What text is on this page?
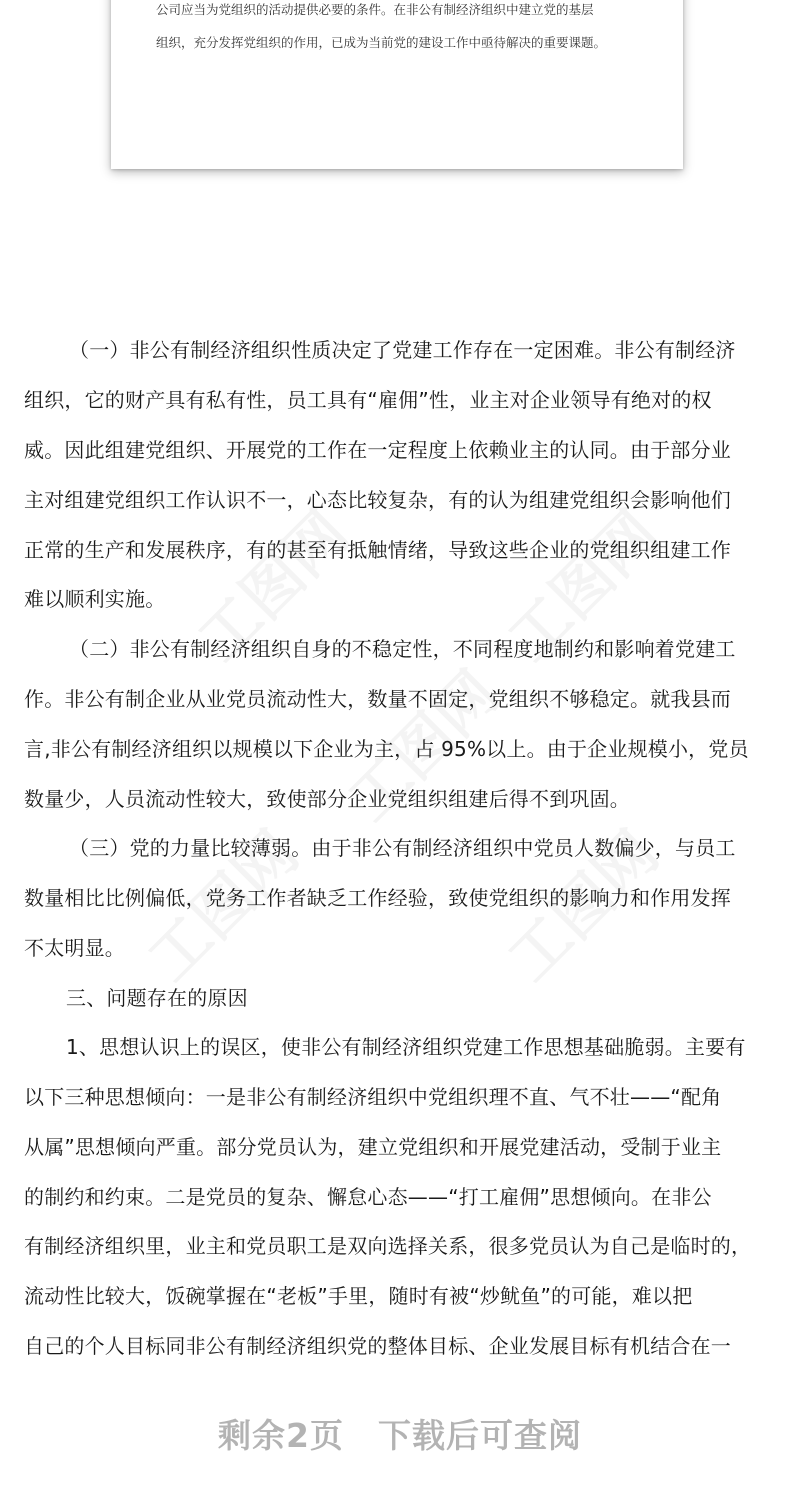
公司应当为党组织的活动提供必要的条件。在非公有制经济组织中建立党的基层
组织，充分发挥党组织的作用，已成为当前党的建设工作中亟待解决的重要课题。
（一）非公有制经济组织性质决定了党建工作存在一定困难。非公有制经济
组织，它的财产具有私有性，员工具有“雇佣”性，业主对企业领导有绝对的权
威。因此组建党组织、开展党的工作在一定程度上依赖业主的认同。由于部分业
主对组建党组织工作认识不一，心态比较复杂，有的认为组建党组织会影响他们
正常的生产和发展秩序，有的甚至有抵触情绪，导致这些企业的党组织组建工作
难以顺利实施。
（二）非公有制经济组织自身的不稳定性，不同程度地制约和影响着党建工
作。非公有制企业从业党员流动性大，数量不固定，党组织不够稳定。就我县而
言,非公有制经济组织以规模以下企业为主，占 95%以上。由于企业规模小，党员
数量少，人员流动性较大，致使部分企业党组织组建后得不到巩固。
（三）党的力量比较薄弱。由于非公有制经济组织中党员人数偏少，与员工
数量相比比例偏低，党务工作者缺乏工作经验，致使党组织的影响力和作用发挥
不太明显。
三、问题存在的原因
1、思想认识上的误区，使非公有制经济组织党建工作思想基础脆弱。主要有
以下三种思想倾向：一是非公有制经济组织中党组织理不直、气不壮——“配角
从属”思想倾向严重。部分党员认为，建立党组织和开展党建活动，受制于业主
的制约和约束。二是党员的复杂、懈怠心态——“打工雇佣”思想倾向。在非公
有制经济组织里，业主和党员职工是双向选择关系，很多党员认为自己是临时的，
流动性比较大，饭碗掌握在“老板”手里，随时有被“炒鱿鱼”的可能，难以把
自己的个人目标同非公有制经济组织党的整体目标、企业发展目标有机结合在一
剩余2页　下载后可查阅
